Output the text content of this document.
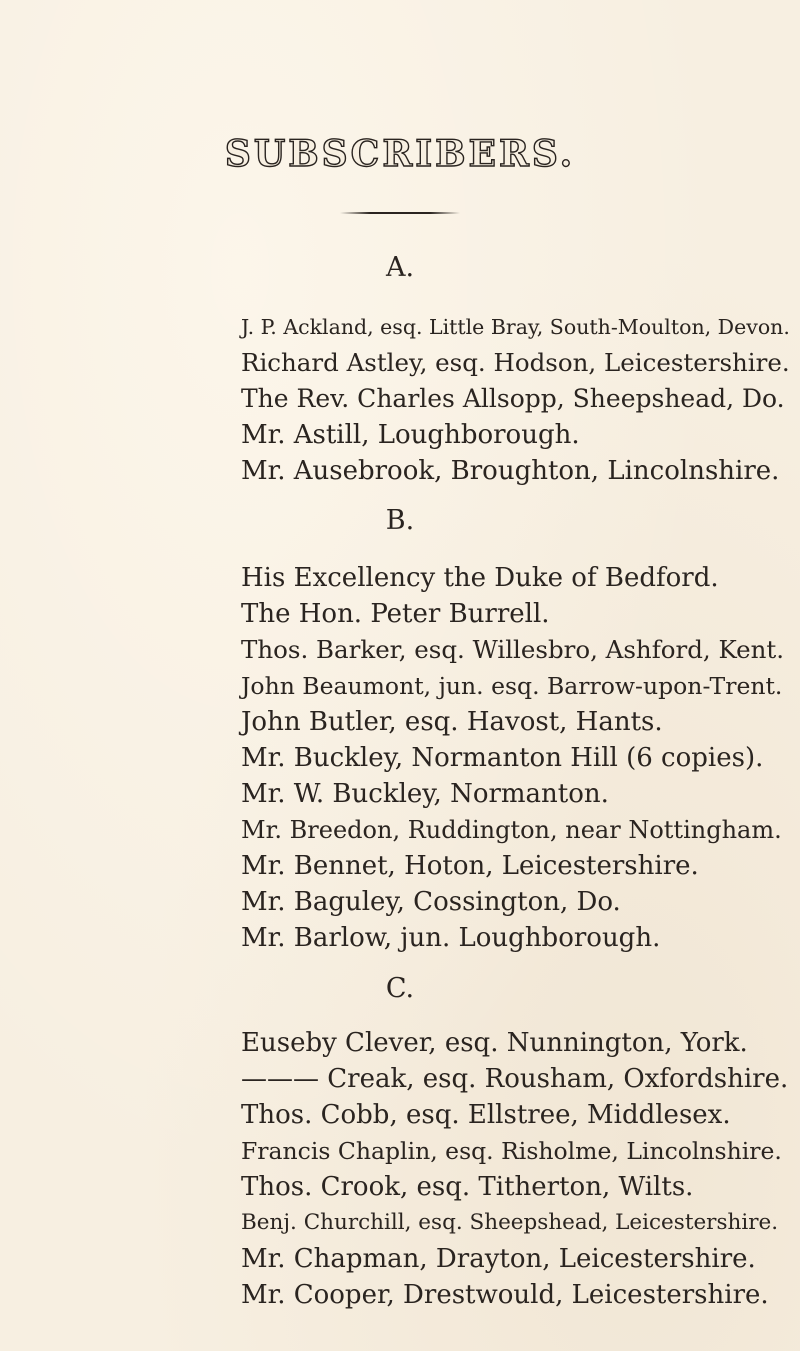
SUBSCRIBERS.
A.
J. P. Ackland, esq. Little Bray, South-Moulton, Devon.
Richard Astley, esq. Hodson, Leicestershire.
The Rev. Charles Allsopp, Sheepshead, Do.
Mr. Astill, Loughborough.
Mr. Ausebrook, Broughton, Lincolnshire.
B.
His Excellency the Duke of Bedford.
The Hon. Peter Burrell.
Thos. Barker, esq. Willesbro, Ashford, Kent.
John Beaumont, jun. esq. Barrow-upon-Trent.
John Butler, esq. Havost, Hants.
Mr. Buckley, Normanton Hill (6 copies).
Mr. W. Buckley, Normanton.
Mr. Breedon, Ruddington, near Nottingham.
Mr. Bennet, Hoton, Leicestershire.
Mr. Baguley, Cossington, Do.
Mr. Barlow, jun. Loughborough.
C.
Euseby Clever, esq. Nunnington, York.
——— Creak, esq. Rousham, Oxfordshire.
Thos. Cobb, esq. Ellstree, Middlesex.
Francis Chaplin, esq. Risholme, Lincolnshire.
Thos. Crook, esq. Titherton, Wilts.
Benj. Churchill, esq. Sheepshead, Leicestershire.
Mr. Chapman, Drayton, Leicestershire.
Mr. Cooper, Drestwould, Leicestershire.
